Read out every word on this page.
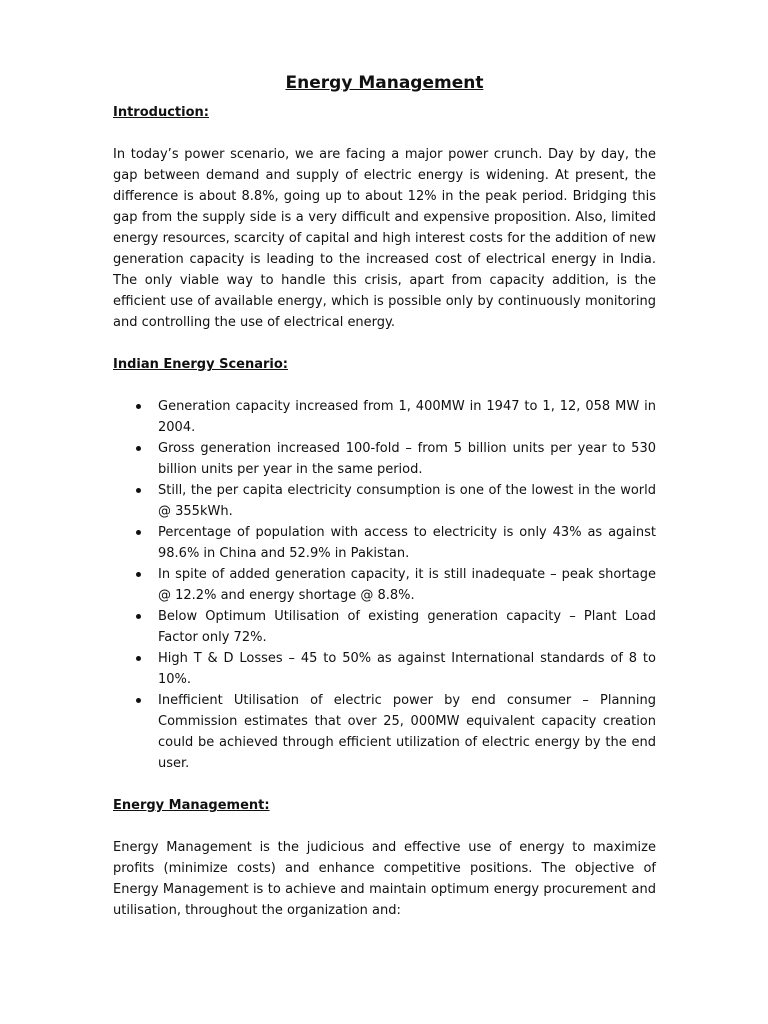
Energy Management
Introduction:

In today’s power scenario, we are facing a major power crunch. Day by day, the gap between demand and supply of electric energy is widening. At present, the difference is about 8.8%, going up to about 12% in the peak period. Bridging this gap from the supply side is a very difficult and expensive proposition. Also, limited energy resources, scarcity of capital and high interest costs for the addition of new generation capacity is leading to the increased cost of electrical energy in India. The only viable way to handle this crisis, apart from capacity addition, is the efficient use of available energy, which is possible only by continuously monitoring and controlling the use of electrical energy.

Indian Energy Scenario:
Generation capacity increased from 1, 400MW in 1947 to 1, 12, 058 MW in 2004.
Gross generation increased 100-fold – from 5 billion units per year to 530 billion units per year in the same period.
Still, the per capita electricity consumption is one of the lowest in the world @ 355kWh.
Percentage of population with access to electricity is only 43% as against 98.6% in China and 52.9% in Pakistan.
In spite of added generation capacity, it is still inadequate – peak shortage @ 12.2% and energy shortage @ 8.8%.
Below Optimum Utilisation of existing generation capacity – Plant Load Factor only 72%.
High T & D Losses – 45 to 50% as against International standards of 8 to 10%.
Inefficient Utilisation of electric power by end consumer – Planning Commission estimates that over 25, 000MW equivalent capacity creation could be achieved through efficient utilization of electric energy by the end user.
Energy Management:

Energy Management is the judicious and effective use of energy to maximize profits (minimize costs) and enhance competitive positions. The objective of Energy Management is to achieve and maintain optimum energy procurement and utilisation, throughout the organization and:
